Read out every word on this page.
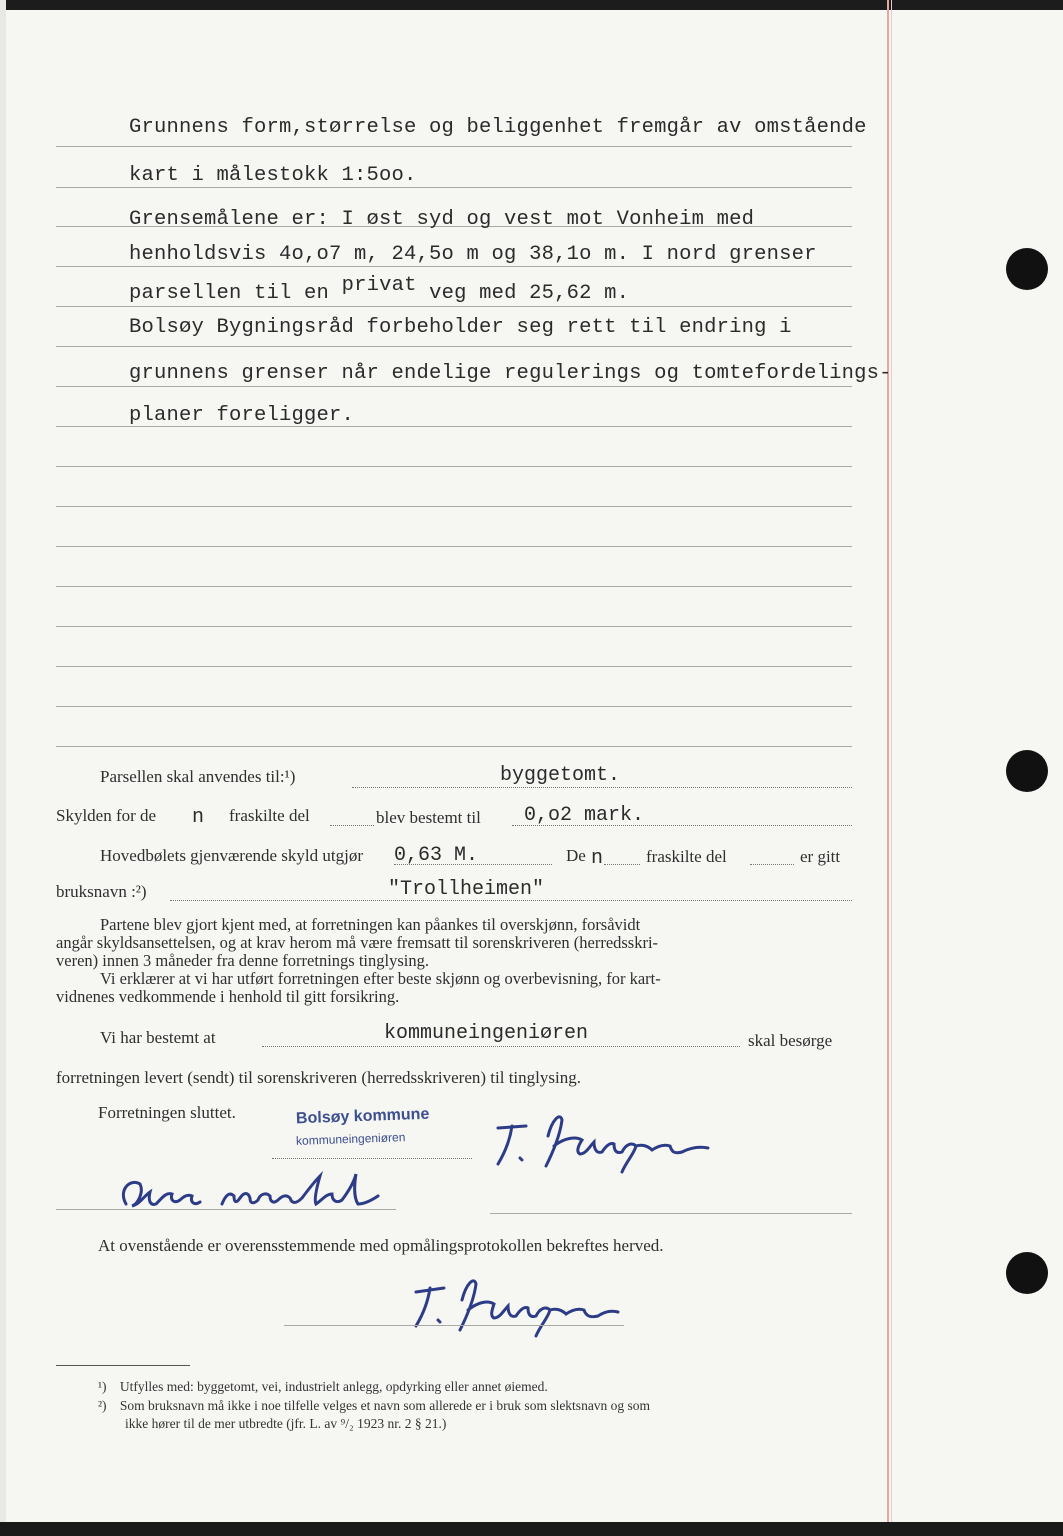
Grunnens form,størrelse og beliggenhet fremgår av omstående
kart i målestokk 1:5oo.
Grensemålene er: I øst syd og vest mot Vonheim med
henholdsvis 4o,o7 m, 24,5o m og 38,1o m. I nord grenser
parsellen til en privat veg med 25,62 m.
Bolsøy Bygningsråd forbeholder seg rett til endring i
grunnens grenser når endelige regulerings og tomtefordelings-
planer foreligger.
Parsellen skal anvendes til:¹)	byggetomt.
Skylden for de n fraskilte del	blev bestemt til 0,o2 mark.
Hovedbølets gjenværende skyld utgjør 0,63 M.	De n	fraskilte del	er gitt
bruksnavn :²)	"Trollheimen"

Partene blev gjort kjent med, at forretningen kan påankes til overskjønn, forsåvidt

angår skyldsansettelsen, og at krav herom må være fremsatt til sorenskriveren (herredsskri-

veren) innen 3 måneder fra denne forretnings tinglysing.

Vi erklærer at vi har utført forretningen efter beste skjønn og overbevisning, for kart-

vidnenes vedkommende i henhold til gitt forsikring.

Vi har bestemt at	kommuneingeniøren	skal besørge
forretningen levert (sendt) til sorenskriveren (herredsskriveren) til tinglysing.
Forretningen sluttet.	Bolsøy kommune
kommuneingeniøren
At ovenstående er overensstemmende med opmålingsprotokollen bekreftes herved.
¹) Utfylles med: byggetomt, vei, industrielt anlegg, opdyrking eller annet øiemed.
²) Som bruksnavn må ikke i noe tilfelle velges et navn som allerede er i bruk som slektsnavn og som
ikke hører til de mer utbredte (jfr. L. av ⁹/₂ 1923 nr. 2 § 21.)
